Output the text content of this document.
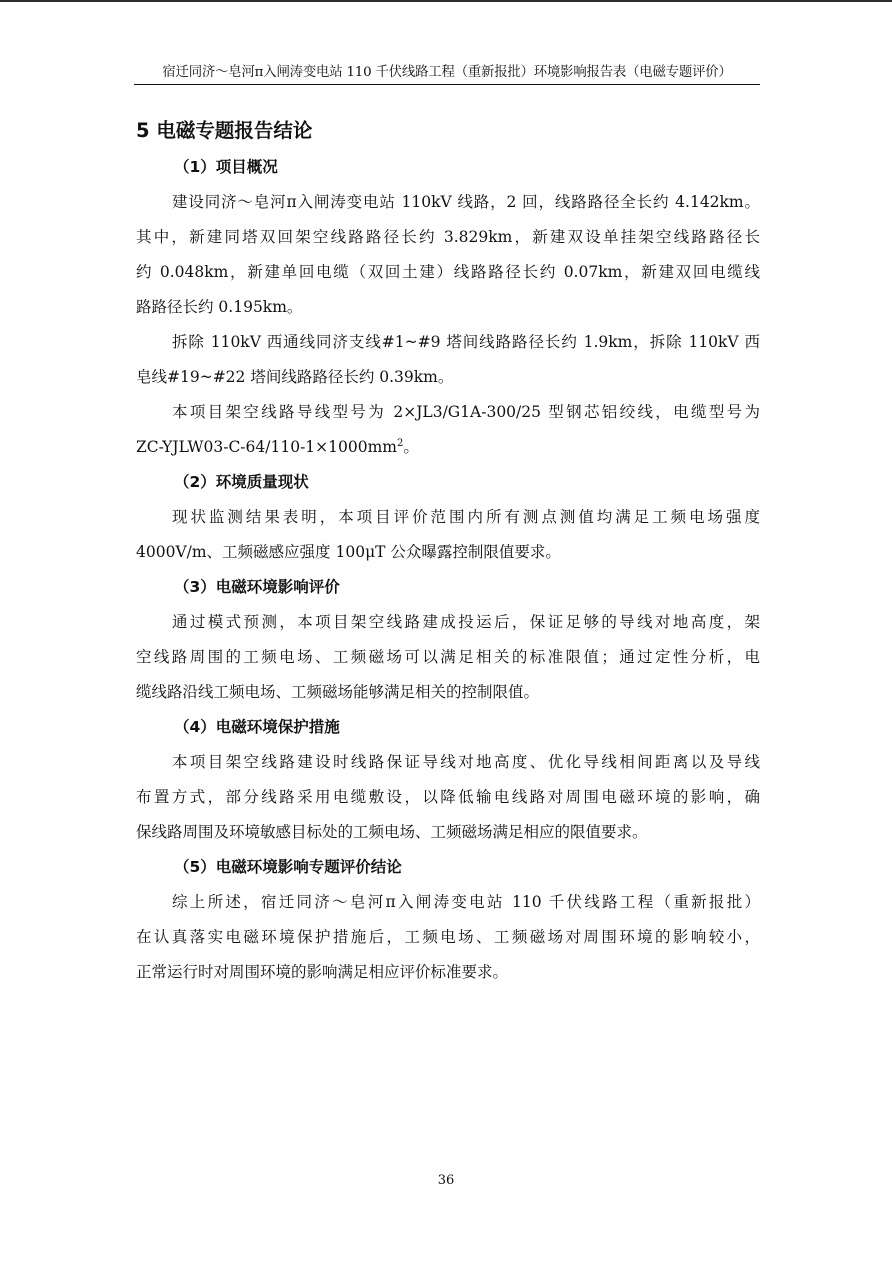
宿迁同济～皂河π入闸涛变电站 110 千伏线路工程（重新报批）环境影响报告表（电磁专题评价）
5 电磁专题报告结论
（1）项目概况
建设同济～皂河π入闸涛变电站 110kV 线路，2 回，线路路径全长约 4.142km。
其中，新建同塔双回架空线路路径长约 3.829km，新建双设单挂架空线路路径长
约 0.048km，新建单回电缆（双回土建）线路路径长约 0.07km，新建双回电缆线
路路径长约 0.195km。
拆除 110kV 西通线同济支线#1~#9 塔间线路路径长约 1.9km，拆除 110kV 西
皂线#19~#22 塔间线路路径长约 0.39km。
本项目架空线路导线型号为 2×JL3/G1A-300/25 型钢芯铝绞线，电缆型号为
$ZC-YJLW03-C-64/110-1\times 1000mm^2$。
（2）环境质量现状
现状监测结果表明，本项目评价范围内所有测点测值均满足工频电场强度
4000V/m、工频磁感应强度 100μT 公众曝露控制限值要求。
（3）电磁环境影响评价
通过模式预测，本项目架空线路建成投运后，保证足够的导线对地高度，架
空线路周围的工频电场、工频磁场可以满足相关的标准限值；通过定性分析，电
缆线路沿线工频电场、工频磁场能够满足相关的控制限值。
（4）电磁环境保护措施
本项目架空线路建设时线路保证导线对地高度、优化导线相间距离以及导线
布置方式，部分线路采用电缆敷设，以降低输电线路对周围电磁环境的影响，确
保线路周围及环境敏感目标处的工频电场、工频磁场满足相应的限值要求。
（5）电磁环境影响专题评价结论
综上所述，宿迁同济～皂河π入闸涛变电站 110 千伏线路工程（重新报批）
在认真落实电磁环境保护措施后，工频电场、工频磁场对周围环境的影响较小，
正常运行时对周围环境的影响满足相应评价标准要求。
36
